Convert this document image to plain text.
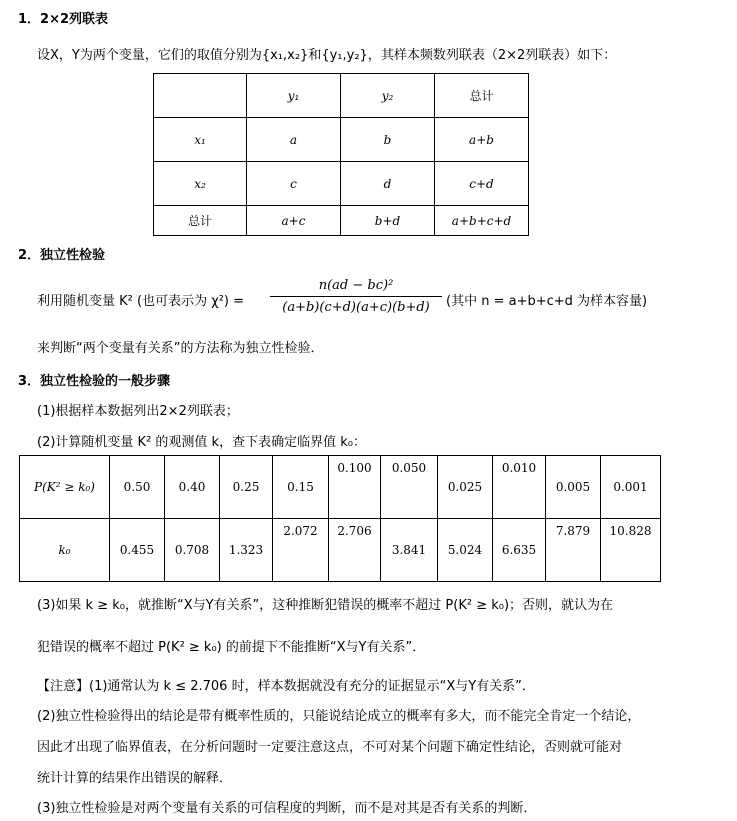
1．2×2列联表
设X，Y为两个变量，它们的取值分别为{x₁,x₂}和{y₁,y₂}，其样本频数列联表（2×2列联表）如下：
	y₁	y₂	总计
x₁	a	b	a+b
x₂	c	d	c+d
总计	a+c	b+d	a+b+c+d
2．独立性检验
利用随机变量 K² (也可表示为 χ²) =
n(ad − bc)²
(a+b)(c+d)(a+c)(b+d)	(其中 n = a+b+c+d 为样本容量)
来判断“两个变量有关系”的方法称为独立性检验．
3．独立性检验的一般步骤
(1)根据样本数据列出2×2列联表；
(2)计算随机变量 K² 的观测值 k，查下表确定临界值 k₀：
P(K² ≥ k₀)	0.50	0.40	0.25	0.15	0.100	0.050	0.025	0.010	0.005	0.001

k₀	0.455	0.708	1.323	2.072	2.706	3.841	5.024	6.635	7.879	10.828
(3)如果 k ≥ k₀，就推断“X与Y有关系”，这种推断犯错误的概率不超过 P(K² ≥ k₀)；否则，就认为在
犯错误的概率不超过 P(K² ≥ k₀) 的前提下不能推断“X与Y有关系”．
【注意】(1)通常认为 k ≤ 2.706 时，样本数据就没有充分的证据显示“X与Y有关系”．
(2)独立性检验得出的结论是带有概率性质的，只能说结论成立的概率有多大，而不能完全肯定一个结论，
因此才出现了临界值表，在分析问题时一定要注意这点，不可对某个问题下确定性结论，否则就可能对
统计计算的结果作出错误的解释．
(3)独立性检验是对两个变量有关系的可信程度的判断，而不是对其是否有关系的判断．
